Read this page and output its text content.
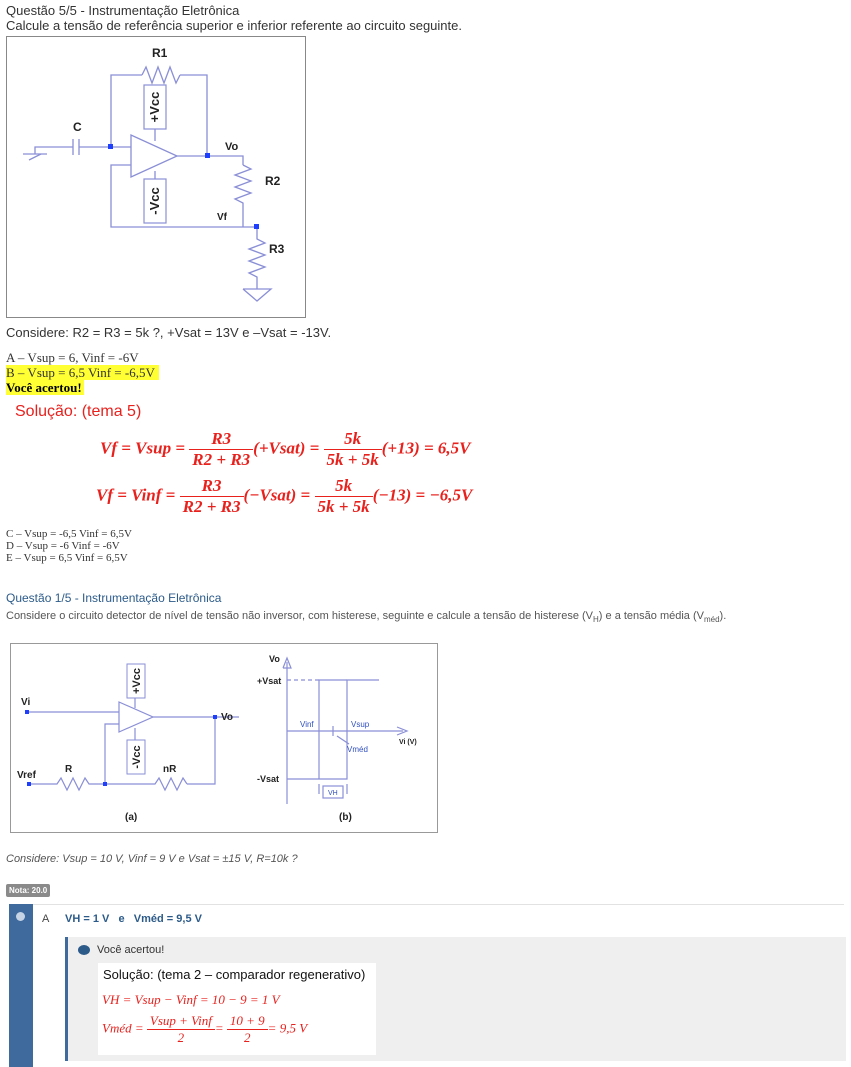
Questão 5/5 - Instrumentação Eletrônica
Calcule a tensão de referência superior e inferior referente ao circuito seguinte.
+Vcc
-Vcc
R1
C
Vo
R2
Vf
R3
Considere: R2 = R3 = 5k ?, +Vsat = 13V e –Vsat = -13V.
A – Vsup = 6, Vinf = -6V
B – Vsup = 6,5 Vinf = -6,5V
Você acertou!
Solução: (tema 5)
Vf = Vsup = $\frac{R3}{R2 + R3}$ (+Vsat) = $\frac{5k}{5k + 5k} (+13) = 6,5V$
Vf = Vinf = $\frac{R3}{R2 + R3}$ (−Vsat) = $\frac{5k}{5k + 5k} (-13) = -6,5V$
C – Vsup = -6,5 Vinf = 6,5V
D – Vsup = -6 Vinf = -6V
E – Vsup = 6,5 Vinf = 6,5V
Questão 1/5 - Instrumentação Eletrônica
Considere o circuito detector de nível de tensão não inversor, com histerese, seguinte e calcule a tensão de histerese $(V_H)$ e a tensão média $(V_{méd})$.
+Vcc
-Vcc
Vi
Vref
R	nR
Vo
(a)
Vo
+Vsat
-Vsat
Vinf	Vsup
Vméd
Vi (V)
VH
(b)
Considere: Vsup = 10 V, Vinf = 9 V e Vsat = ±15 V, R=10k ?
Nota: 20.0
A VH = 1 V   e   Vméd = 9,5 V
Você acertou!
Solução: (tema 2 – comparador regenerativo)
VH = Vsup − Vinf = 10 − 9 = 1 V
Vméd = $\frac{\text{Vsup + Vinf}}{2} = \frac{10 + 9}{2} = 9,5$ V
